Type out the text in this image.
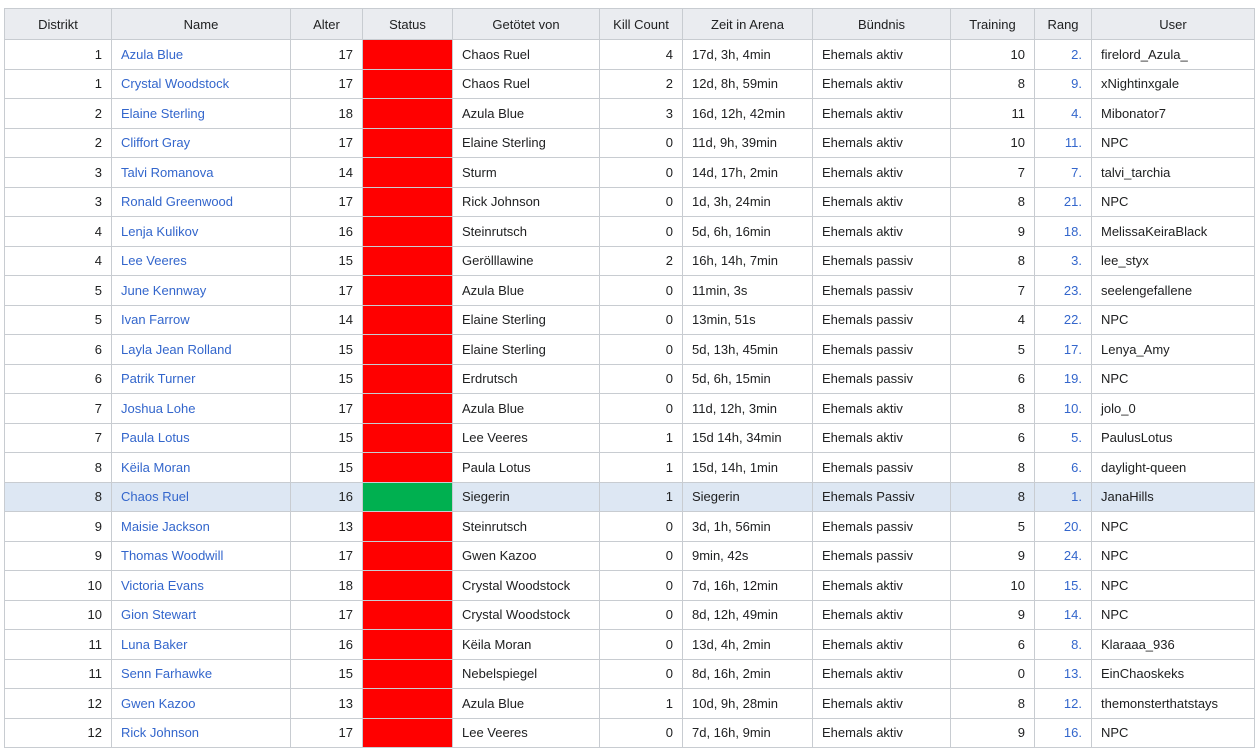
Distrikt	Name	Alter	Status	Getötet von	Kill Count	Zeit in Arena	Bündnis	Training	Rang	User
1	Azula Blue	17		Chaos Ruel	4	17d, 3h, 4min	Ehemals aktiv	10	2.	firelord_Azula_
1	Crystal Woodstock	17		Chaos Ruel	2	12d, 8h, 59min	Ehemals aktiv	8	9.	xNightinxgale
2	Elaine Sterling	18		Azula Blue	3	16d, 12h, 42min	Ehemals aktiv	11	4.	Mibonator7
2	Cliffort Gray	17		Elaine Sterling	0	11d, 9h, 39min	Ehemals aktiv	10	11.	NPC
3	Talvi Romanova	14		Sturm	0	14d, 17h, 2min	Ehemals aktiv	7	7.	talvi_tarchia
3	Ronald Greenwood	17		Rick Johnson	0	1d, 3h, 24min	Ehemals aktiv	8	21.	NPC
4	Lenja Kulikov	16		Steinrutsch	0	5d, 6h, 16min	Ehemals aktiv	9	18.	MelissaKeiraBlack
4	Lee Veeres	15		Gerölllawine	2	16h, 14h, 7min	Ehemals passiv	8	3.	lee_styx
5	June Kennway	17		Azula Blue	0	11min, 3s	Ehemals passiv	7	23.	seelengefallene
5	Ivan Farrow	14		Elaine Sterling	0	13min, 51s	Ehemals passiv	4	22.	NPC
6	Layla Jean Rolland	15		Elaine Sterling	0	5d, 13h, 45min	Ehemals passiv	5	17.	Lenya_Amy
6	Patrik Turner	15		Erdrutsch	0	5d, 6h, 15min	Ehemals passiv	6	19.	NPC
7	Joshua Lohe	17		Azula Blue	0	11d, 12h, 3min	Ehemals aktiv	8	10.	jolo_0
7	Paula Lotus	15		Lee Veeres	1	15d 14h, 34min	Ehemals aktiv	6	5.	PaulusLotus
8	Këila Moran	15		Paula Lotus	1	15d, 14h, 1min	Ehemals passiv	8	6.	daylight-queen
8	Chaos Ruel	16		Siegerin	1	Siegerin	Ehemals Passiv	8	1.	JanaHills
9	Maisie Jackson	13		Steinrutsch	0	3d, 1h, 56min	Ehemals passiv	5	20.	NPC
9	Thomas Woodwill	17		Gwen Kazoo	0	9min, 42s	Ehemals passiv	9	24.	NPC
10	Victoria Evans	18		Crystal Woodstock	0	7d, 16h, 12min	Ehemals aktiv	10	15.	NPC
10	Gion Stewart	17		Crystal Woodstock	0	8d, 12h, 49min	Ehemals aktiv	9	14.	NPC
11	Luna Baker	16		Këila Moran	0	13d, 4h, 2min	Ehemals aktiv	6	8.	Klaraaa_936
11	Senn Farhawke	15		Nebelspiegel	0	8d, 16h, 2min	Ehemals aktiv	0	13.	EinChaoskeks
12	Gwen Kazoo	13		Azula Blue	1	10d, 9h, 28min	Ehemals aktiv	8	12.	themonsterthatstays
12	Rick Johnson	17		Lee Veeres	0	7d, 16h, 9min	Ehemals aktiv	9	16.	NPC
